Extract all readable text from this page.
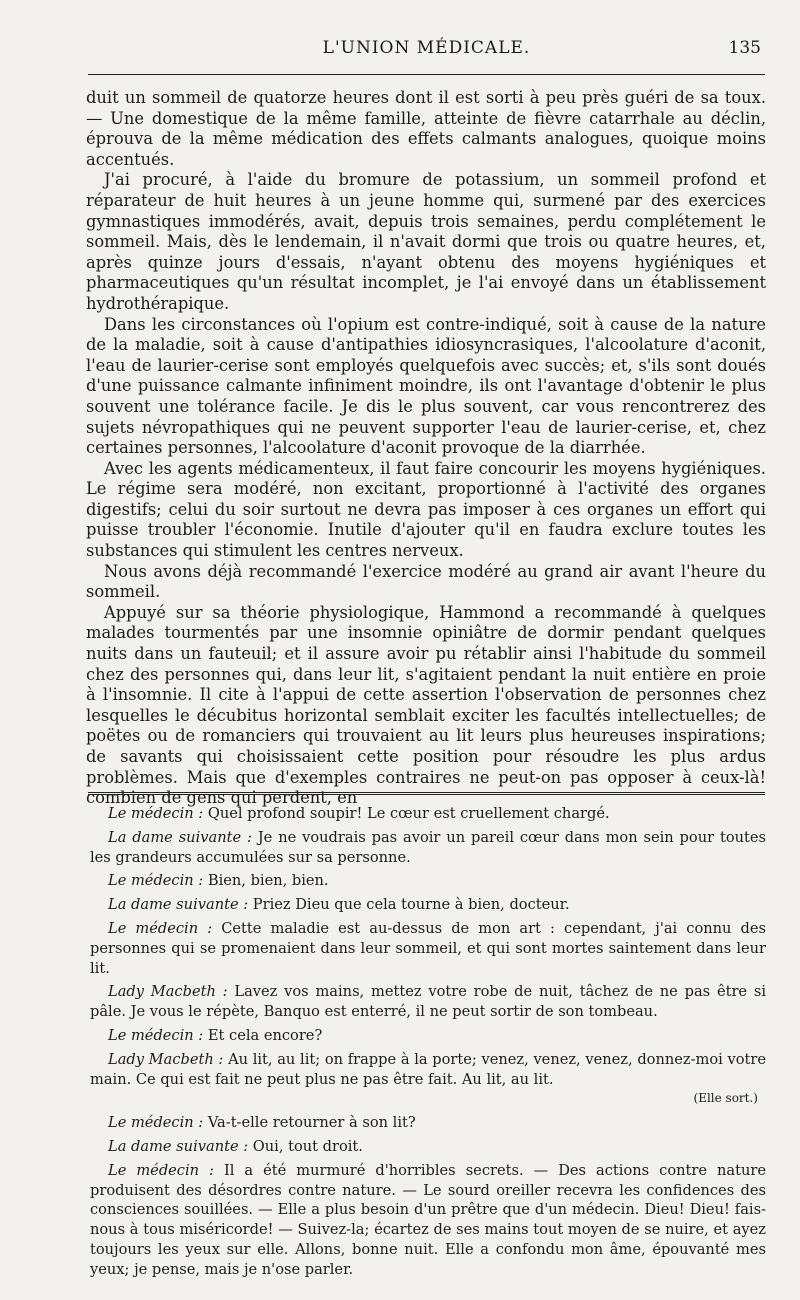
L'UNION MÉDICALE.	135

duit un sommeil de quatorze heures dont il est sorti à peu près guéri de sa toux. — Une domestique de la même famille, atteinte de fièvre catarrhale au déclin, éprouva de la même médication des effets calmants analogues, quoique moins accentués.

J'ai procuré, à l'aide du bromure de potassium, un sommeil profond et réparateur de huit heures à un jeune homme qui, surmené par des exercices gymnastiques immodérés, avait, depuis trois semaines, perdu complétement le sommeil. Mais, dès le lendemain, il n'avait dormi que trois ou quatre heures, et, après quinze jours d'essais, n'ayant obtenu des moyens hygiéniques et pharmaceutiques qu'un résultat incomplet, je l'ai envoyé dans un établissement hydrothérapique.

Dans les circonstances où l'opium est contre-indiqué, soit à cause de la nature de la maladie, soit à cause d'antipathies idiosyncrasiques, l'alcoolature d'aconit, l'eau de laurier-cerise sont employés quelquefois avec succès; et, s'ils sont doués d'une puissance calmante infiniment moindre, ils ont l'avantage d'obtenir le plus souvent une tolérance facile. Je dis le plus souvent, car vous rencontrerez des sujets névropathiques qui ne peuvent supporter l'eau de laurier-cerise, et, chez certaines personnes, l'alcoolature d'aconit provoque de la diarrhée.

Avec les agents médicamenteux, il faut faire concourir les moyens hygiéniques. Le régime sera modéré, non excitant, proportionné à l'activité des organes digestifs; celui du soir surtout ne devra pas imposer à ces organes un effort qui puisse troubler l'économie. Inutile d'ajouter qu'il en faudra exclure toutes les substances qui stimulent les centres nerveux.

Nous avons déjà recommandé l'exercice modéré au grand air avant l'heure du sommeil.

Appuyé sur sa théorie physiologique, Hammond a recommandé à quelques malades tourmentés par une insomnie opiniâtre de dormir pendant quelques nuits dans un fauteuil; et il assure avoir pu rétablir ainsi l'habitude du sommeil chez des personnes qui, dans leur lit, s'agitaient pendant la nuit entière en proie à l'insomnie. Il cite à l'appui de cette assertion l'observation de personnes chez lesquelles le décubitus horizontal semblait exciter les facultés intellectuelles; de poëtes ou de romanciers qui trouvaient au lit leurs plus heureuses inspirations; de savants qui choisissaient cette position pour résoudre les plus ardus problèmes. Mais que d'exemples contraires ne peut-on pas opposer à ceux-là! combien de gens qui perdent, en

Le médecin : Quel profond soupir! Le cœur est cruellement chargé.

La dame suivante : Je ne voudrais pas avoir un pareil cœur dans mon sein pour toutes les grandeurs accumulées sur sa personne.

Le médecin : Bien, bien, bien.

La dame suivante : Priez Dieu que cela tourne à bien, docteur.

Le médecin : Cette maladie est au-dessus de mon art : cependant, j'ai connu des personnes qui se promenaient dans leur sommeil, et qui sont mortes saintement dans leur lit.

Lady Macbeth : Lavez vos mains, mettez votre robe de nuit, tâchez de ne pas être si pâle. Je vous le répète, Banquo est enterré, il ne peut sortir de son tombeau.

Le médecin : Et cela encore?

Lady Macbeth : Au lit, au lit; on frappe à la porte; venez, venez, venez, donnez-moi votre main. Ce qui est fait ne peut plus ne pas être fait. Au lit, au lit.

(Elle sort.)

Le médecin : Va-t-elle retourner à son lit?

La dame suivante : Oui, tout droit.

Le médecin : Il a été murmuré d'horribles secrets. — Des actions contre nature produisent des désordres contre nature. — Le sourd oreiller recevra les confidences des consciences souillées. — Elle a plus besoin d'un prêtre que d'un médecin. Dieu! Dieu! fais-nous à tous miséricorde! — Suivez-la; écartez de ses mains tout moyen de se nuire, et ayez toujours les yeux sur elle. Allons, bonne nuit. Elle a confondu mon âme, épouvanté mes yeux; je pense, mais je n'ose parler.
